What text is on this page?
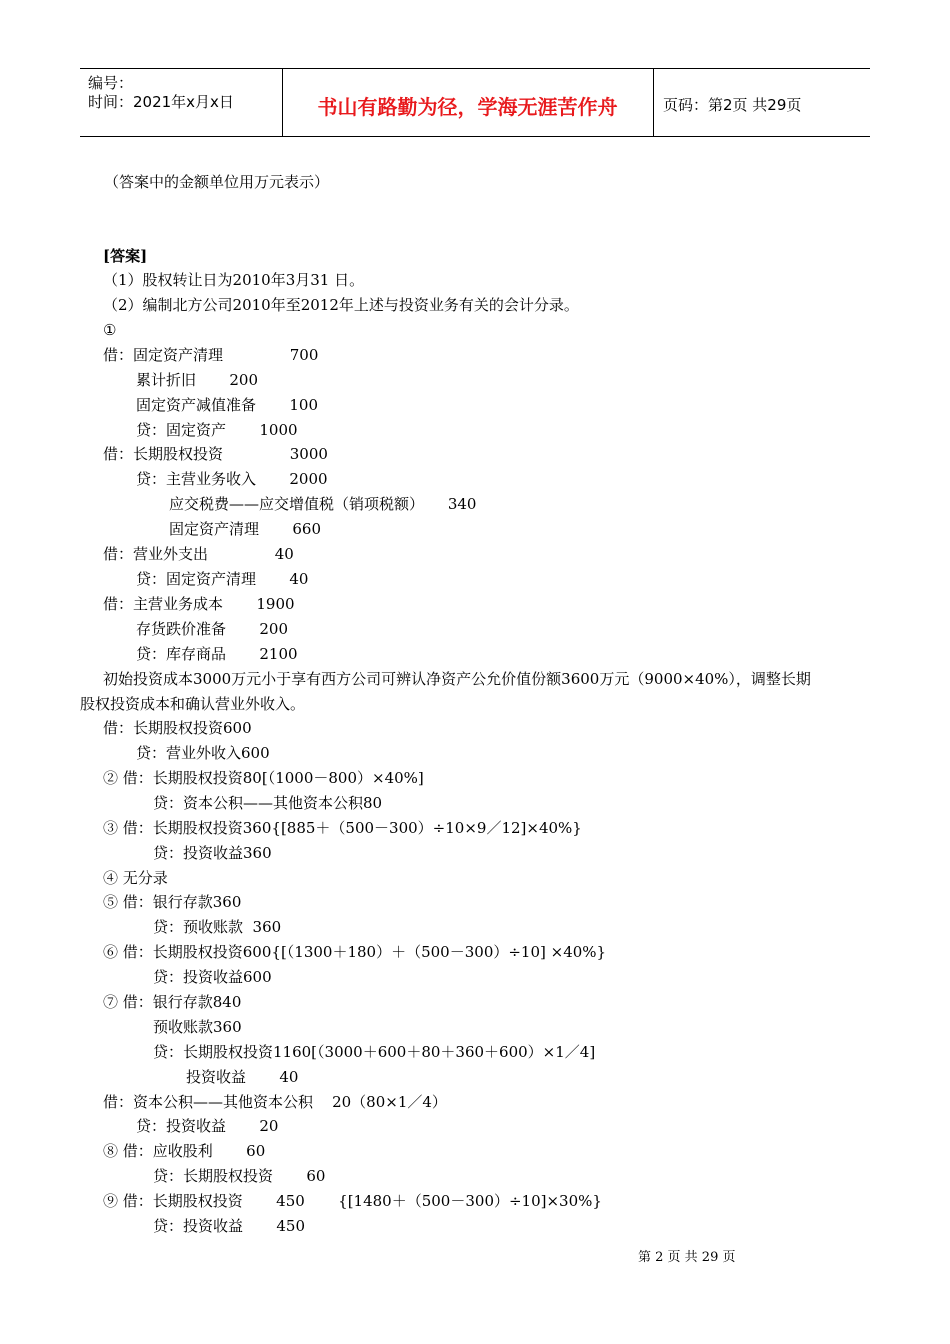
编号：
时间：2021年x月x日	书山有路勤为径，学海无涯苦作舟	页码：第2页 共29页
（答案中的金额单位用万元表示）
[答案]
（1）股权转让日为2010年3月31 日。
（2）编制北方公司2010年至2012年上述与投资业务有关的会计分录。
①
借：固定资产清理              700
累计折旧       200
固定资产减值准备       100
贷：固定资产       1000
借：长期股权投资              3000
贷：主营业务收入       2000
应交税费——应交增值税（销项税额）     340
固定资产清理       660
借：营业外支出              40
贷：固定资产清理       40
借：主营业务成本       1900
存货跌价准备       200
贷：库存商品       2100
初始投资成本3000万元小于享有西方公司可辨认净资产公允价值份额3600万元（9000×40%），调整长期
股权投资成本和确认营业外收入。
借：长期股权投资600
贷：营业外收入600
② 借：长期股权投资80[（1000－800）×40%]
贷：资本公积——其他资本公积80
③ 借：长期股权投资360{[885＋（500－300）÷10×9／12]×40%}
贷：投资收益360
④ 无分录
⑤ 借：银行存款360
贷：预收账款  360
⑥ 借：长期股权投资600{[（1300＋180）＋（500－300）÷10] ×40%}
贷：投资收益600
⑦ 借：银行存款840
预收账款360
贷：长期股权投资1160[（3000＋600＋80＋360＋600）×1／4]
投资收益       40
借：资本公积——其他资本公积    20（80×1／4）
贷：投资收益       20
⑧ 借：应收股利       60
贷：长期股权投资       60
⑨ 借：长期股权投资       450       {[1480＋（500－300）÷10]×30%}
贷：投资收益       450
第 2 页 共 29 页
